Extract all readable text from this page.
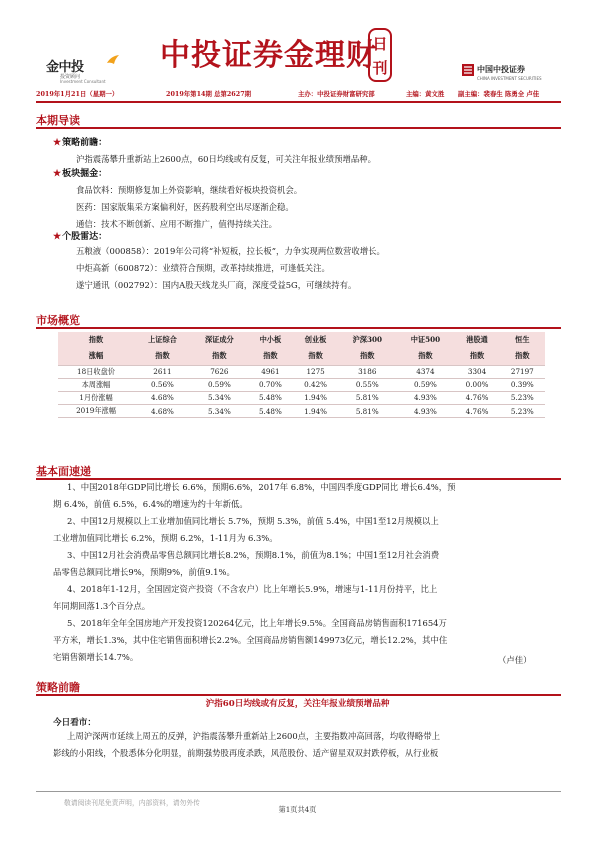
金中投
投资顾问
Investment Consultant
中投证券金理财
日
刊	中国中投证券
CHINA INVESTMENT SECURITIES
2019年1月21日（星期一）	2019年第14期 总第2627期	主办：中投证券财富研究部	主编：黄文胜 副主编：裴春生 陈勇全 卢佳
本期导读
★策略前瞻：
沪指震荡攀升重新站上2600点，60日均线或有反复，可关注年报业绩预增品种。
★板块掘金：
食品饮料：预期修复加上外资影响，继续看好板块投资机会。
医药：国家版集采方案偏利好，医药股利空出尽逐渐企稳。
通信：技术不断创新、应用不断推广，值得持续关注。
★个股雷达：
五粮液（000858）：2019年公司将“补短板，拉长板”，力争实现两位数营收增长。
中炬高新（600872）：业绩符合预期，改革持续推进，可逢低关注。
遂宁通讯（002792）：国内A股天线龙头厂商，深度受益5G，可继续持有。
市场概览
指数	上证综合	深证成分	中小板	创业板	沪深300	中证500	港股通	恒生
涨幅	指数	指数	指数	指数	指数	指数	指数	指数
18日收盘价	2611	7626	4961	1275	3186	4374	3304	27197
本周涨幅	0.56%	0.59%	0.70%	0.42%	0.55%	0.59%	0.00%	0.39%
1月份涨幅	4.68%	5.34%	5.48%	1.94%	5.81%	4.93%	4.76%	5.23%
2019年涨幅	4.68%	5.34%	5.48%	1.94%	5.81%	4.93%	4.76%	5.23%
基本面速递
1、中国2018年GDP同比增长 6.6%，预期6.6%，2017年 6.8%，中国四季度GDP同比 增长6.4%，预
期 6.4%，前值 6.5%，6.4%的增速为约十年新低。
2、中国12月规模以上工业增加值同比增长 5.7%，预期 5.3%，前值 5.4%，中国1至12月规模以上
工业增加值同比增长 6.2%，预期 6.2%，1-11月为 6.3%。
3、中国12月社会消费品零售总额同比增长8.2%，预期8.1%，前值为8.1%；中国1至12月社会消费
品零售总额同比增长9%，预期9%，前值9.1%。
4、2018年1-12月，全国固定资产投资（不含农户）比上年增长5.9%，增速与1-11月份持平，比上
年同期回落1.3个百分点。
5、2018年全年全国房地产开发投资120264亿元，比上年增长9.5%。全国商品房销售面积171654万
平方米，增长1.3%，其中住宅销售面积增长2.2%。全国商品房销售额149973亿元，增长12.2%，其中住
宅销售额增长14.7%。	（卢佳）
策略前瞻
沪指60日均线或有反复，关注年报业绩预增品种
今日看市：
上周沪深两市延续上周五的反弹，沪指震荡攀升重新站上2600点，主要指数冲高回落，均收得略带上
影线的小阳线，个股悉体分化明显，前期强势股再度杀跌，风范股份、适产留星双双封跌停板，从行业板
敬请阅读刊尾免责声明，内部资料，请勿外传
第1页共4页
